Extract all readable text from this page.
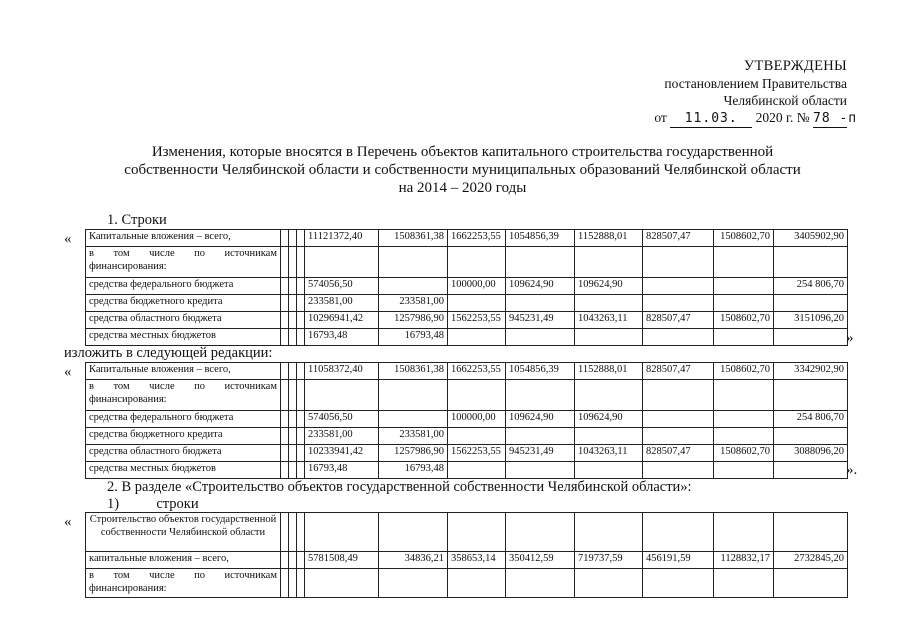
УТВЕРЖДЕНЫ
постановлением Правительства
Челябинской области
от 11.03. 2020 г. № 78 -п
Изменения, которые вносятся в Перечень объектов капитального строительства государственной
собственности Челябинской области и собственности муниципальных образований Челябинской области
на 2014 – 2020 годы
1. Строки
« Капитальные вложения – всего,				11121372,40	1508361,38	1662253,55	1054856,39	1152888,01	828507,47	1508602,70	3405902,90
в том числе по источникам финансирования:											
средства федерального бюджета				574056,50		100000,00	109624,90	109624,90			254 806,70
средства бюджетного кредита				233581,00	233581,00						
средства областного бюджета				10296941,42	1257986,90	1562253,55	945231,49	1043263,11	828507,47	1508602,70	3151096,20
средства местных бюджетов				16793,48	16793,48							»
изложить в следующей редакции:
« Капитальные вложения – всего,				11058372,40	1508361,38	1662253,55	1054856,39	1152888,01	828507,47	1508602,70	3342902,90
в том числе по источникам финансирования:											
средства федерального бюджета				574056,50		100000,00	109624,90	109624,90			254 806,70
средства бюджетного кредита				233581,00	233581,00						
средства областного бюджета				10233941,42	1257986,90	1562253,55	945231,49	1043263,11	828507,47	1508602,70	3088096,20
средства местных бюджетов				16793,48	16793,48							».
2. В разделе «Строительство объектов государственной собственности Челябинской области»:
1)	строки
« Строительство объектов государственной собственности Челябинской области											
капитальные вложения – всего,				5781508,49	34836,21	358653,14	350412,59	719737,59	456191,59	1128832,17	2732845,20
в том числе по источникам финансирования:											
